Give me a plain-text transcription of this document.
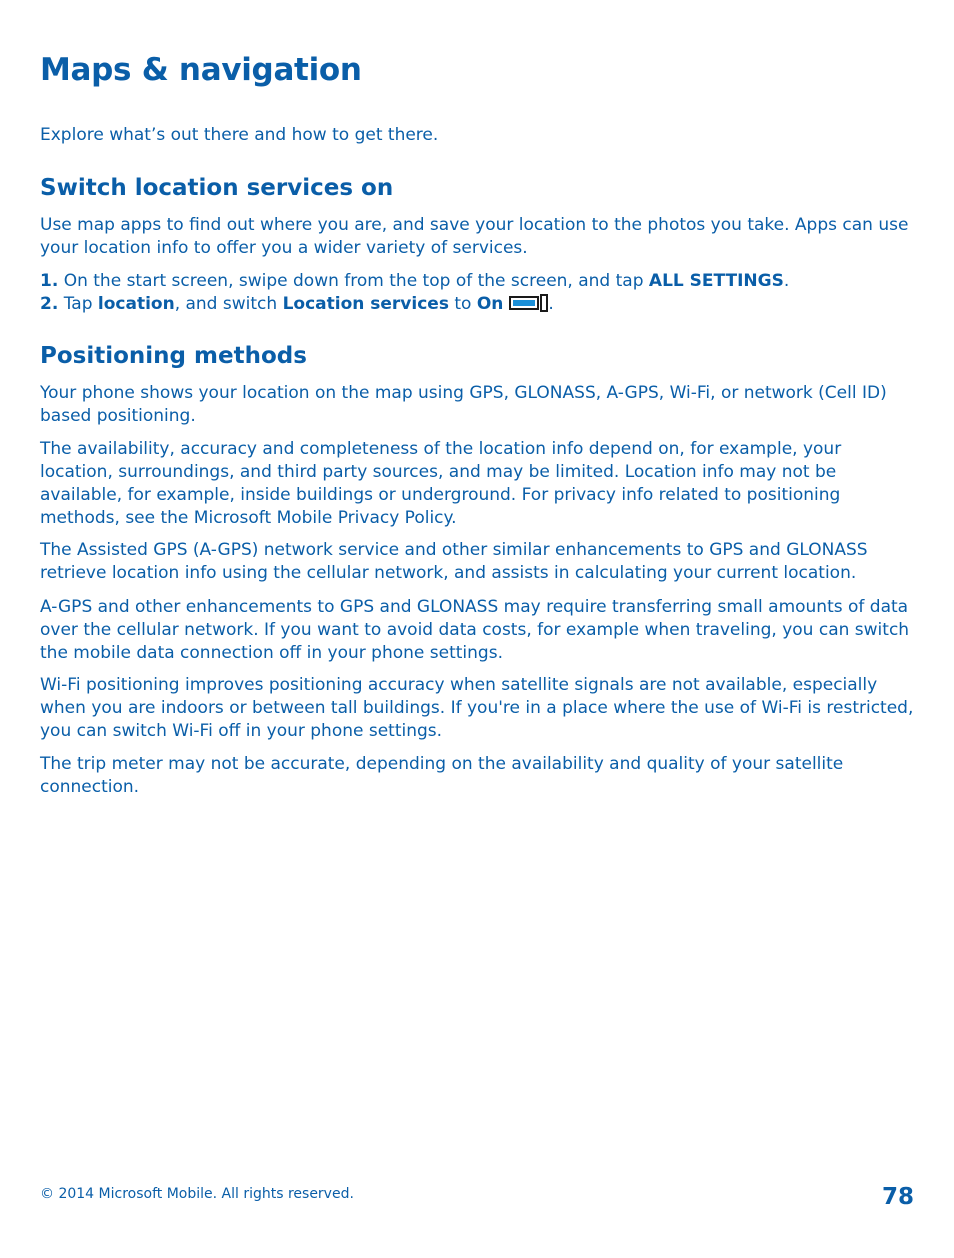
Maps & navigation

Explore what’s out there and how to get there.

Switch location services on

Use map apps to find out where you are, and save your location to the photos you take. Apps can use
your location info to offer you a wider variety of services.

1. On the start screen, swipe down from the top of the screen, and tap ALL SETTINGS.
2. Tap location, and switch Location services to On	.

Positioning methods

Your phone shows your location on the map using GPS, GLONASS, A-GPS, Wi-Fi, or network (Cell ID)
based positioning.

The availability, accuracy and completeness of the location info depend on, for example, your
location, surroundings, and third party sources, and may be limited. Location info may not be
available, for example, inside buildings or underground. For privacy info related to positioning
methods, see the Microsoft Mobile Privacy Policy.

The Assisted GPS (A-GPS) network service and other similar enhancements to GPS and GLONASS
retrieve location info using the cellular network, and assists in calculating your current location.

A-GPS and other enhancements to GPS and GLONASS may require transferring small amounts of data
over the cellular network. If you want to avoid data costs, for example when traveling, you can switch
the mobile data connection off in your phone settings.

Wi-Fi positioning improves positioning accuracy when satellite signals are not available, especially
when you are indoors or between tall buildings. If you're in a place where the use of Wi-Fi is restricted,
you can switch Wi-Fi off in your phone settings.

The trip meter may not be accurate, depending on the availability and quality of your satellite
connection.

© 2014 Microsoft Mobile. All rights reserved.	78
